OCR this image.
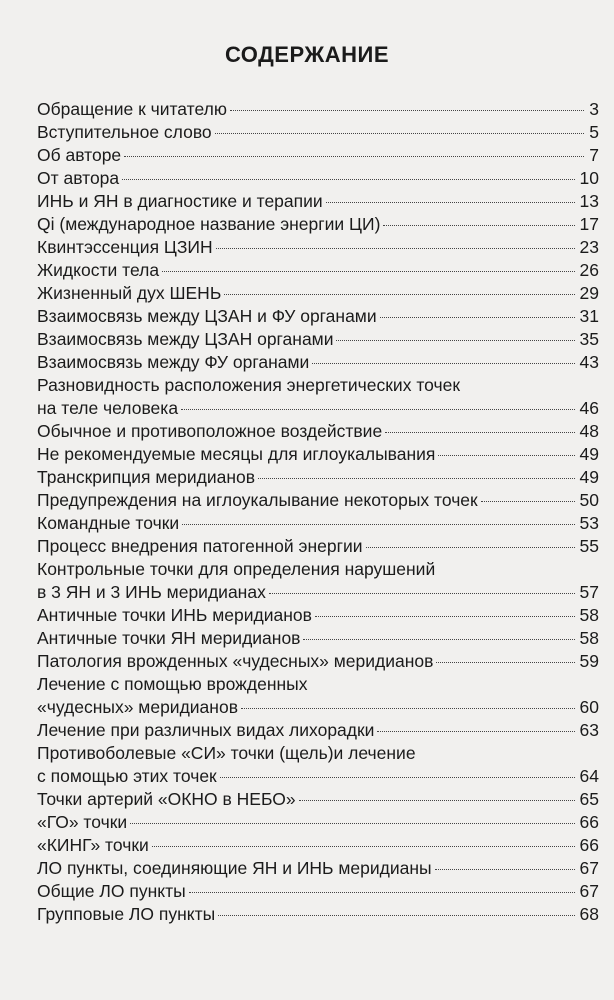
СОДЕРЖАНИЕ
Обращение к читателю	3
Вступительное слово	5
Об авторе	7
От автора	10
ИНЬ и ЯН в диагностике и терапии	13
Qi (международное название энергии ЦИ)	17
Квинтэссенция ЦЗИН	23
Жидкости тела	26
Жизненный дух ШЕНЬ	29
Взаимосвязь между ЦЗАН и ФУ органами	31
Взаимосвязь между ЦЗАН органами	35
Взаимосвязь между ФУ органами	43
Разновидность расположения энергетических точек
на теле человека	46
Обычное и противоположное воздействие	48
Не рекомендуемые месяцы для иглоукалывания	49
Транскрипция меридианов	49
Предупреждения на иглоукалывание некоторых точек	50
Командные точки	53
Процесс внедрения патогенной энергии	55
Контрольные точки для определения нарушений
в 3 ЯН и 3 ИНЬ меридианах	57
Античные точки ИНЬ меридианов	58
Античные точки ЯН меридианов	58
Патология врожденных «чудесных» меридианов	59
Лечение с помощью врожденных
«чудесных» меридианов	60
Лечение при различных видах лихорадки	63
Противоболевые «СИ» точки (щель)и лечение
с помощью этих точек	64
Точки артерий «ОКНО в НЕБО»	65
«ГО» точки	66
«КИНГ» точки	66
ЛО пункты, соединяющие ЯН и ИНЬ меридианы	67
Общие ЛО пункты	67
Групповые ЛО пункты	68
